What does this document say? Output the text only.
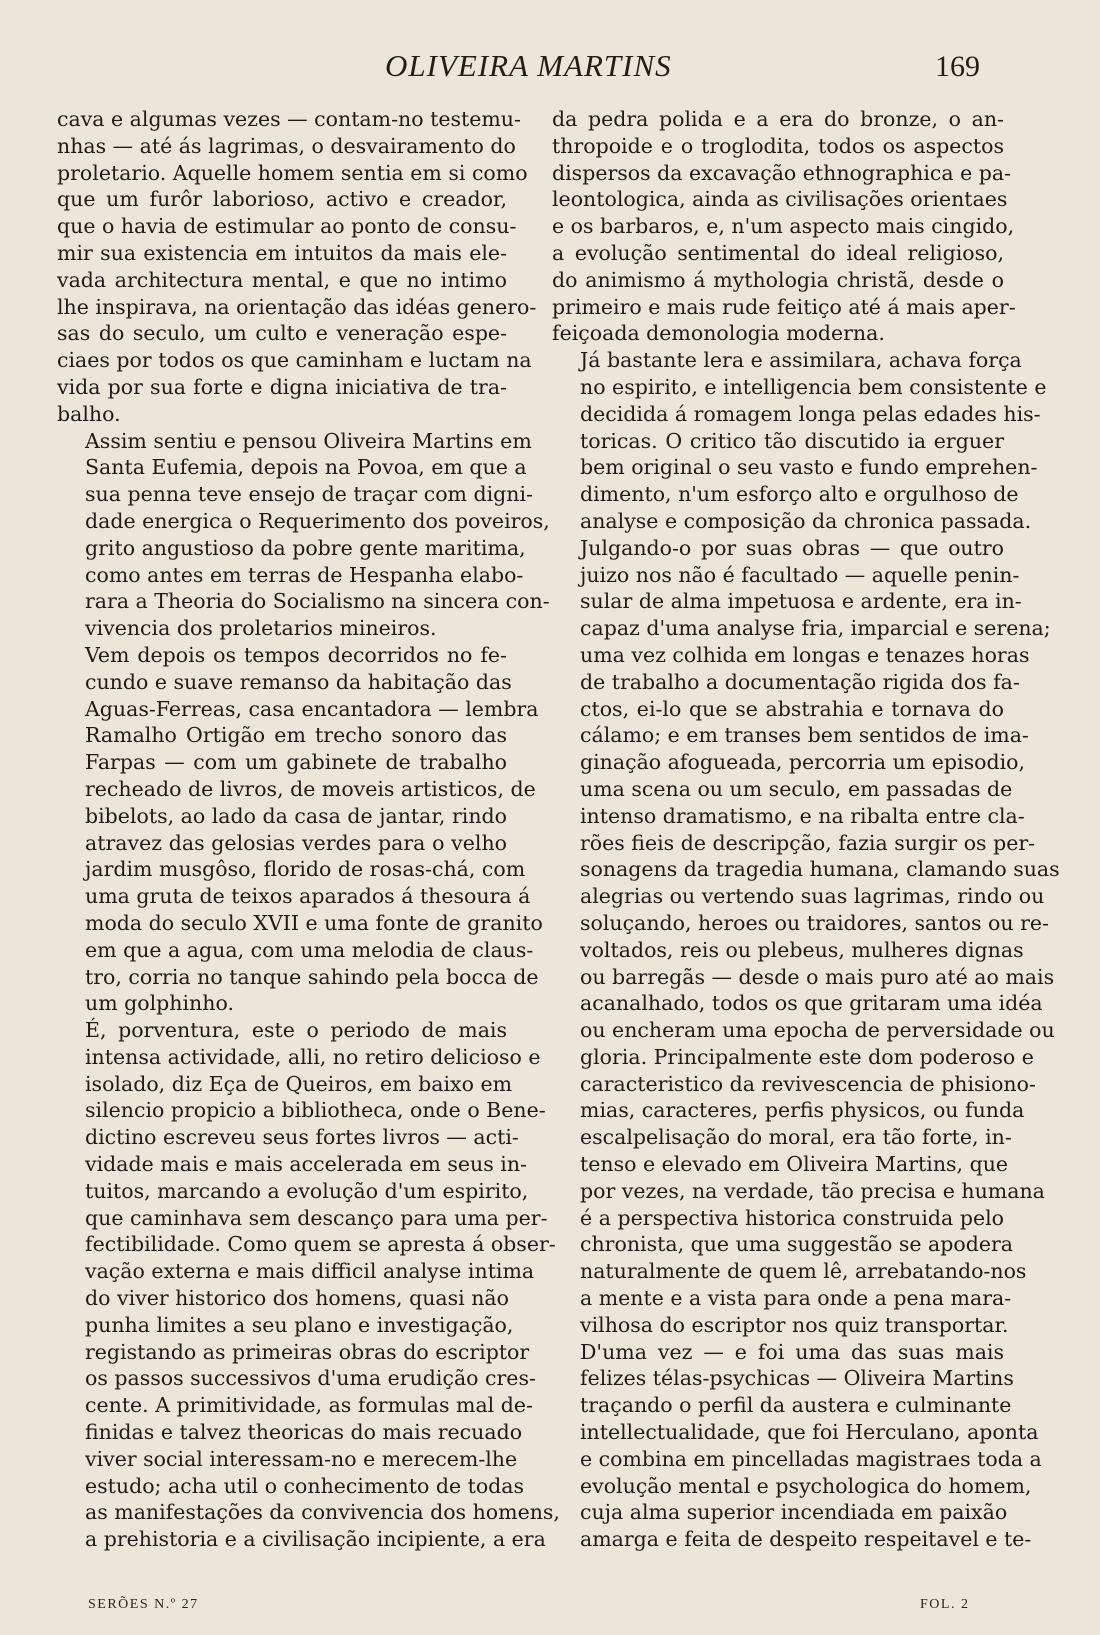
OLIVEIRA MARTINS	169

cava e algumas vezes — contam-no testemu-
nhas — até ás lagrimas, o desvairamento do
proletario. Aquelle homem sentia em si como
que um furôr laborioso, activo e creador,
que o havia de estimular ao ponto de consu-
mir sua existencia em intuitos da mais ele-
vada architectura mental, e que no intimo
lhe inspirava, na orientação das idéas genero-
sas do seculo, um culto e veneração espe-
ciaes por todos os que caminham e luctam na
vida por sua forte e digna iniciativa de tra-
balho.

Assim sentiu e pensou Oliveira Martins em
Santa Eufemia, depois na Povoa, em que a
sua penna teve ensejo de traçar com digni-
dade energica o Requerimento dos poveiros,
grito angustioso da pobre gente maritima,
como antes em terras de Hespanha elabo-
rara a Theoria do Socialismo na sincera con-
vivencia dos proletarios mineiros.

Vem depois os tempos decorridos no fe-
cundo e suave remanso da habitação das
Aguas-Ferreas, casa encantadora — lembra
Ramalho Ortigão em trecho sonoro das
Farpas — com um gabinete de trabalho
recheado de livros, de moveis artisticos, de
bibelots, ao lado da casa de jantar, rindo
atravez das gelosias verdes para o velho
jardim musgôso, florido de rosas-chá, com
uma gruta de teixos aparados á thesoura á
moda do seculo XVII e uma fonte de granito
em que a agua, com uma melodia de claus-
tro, corria no tanque sahindo pela bocca de
um golphinho.

É, porventura, este o periodo de mais
intensa actividade, alli, no retiro delicioso e
isolado, diz Eça de Queiros, em baixo em
silencio propicio a bibliotheca, onde o Bene-
dictino escreveu seus fortes livros — acti-
vidade mais e mais accelerada em seus in-
tuitos, marcando a evolução d'um espirito,
que caminhava sem descanço para uma per-
fectibilidade. Como quem se apresta á obser-
vação externa e mais difficil analyse intima
do viver historico dos homens, quasi não
punha limites a seu plano e investigação,
registando as primeiras obras do escriptor
os passos successivos d'uma erudição cres-
cente. A primitividade, as formulas mal de-
finidas e talvez theoricas do mais recuado
viver social interessam-no e merecem-lhe
estudo; acha util o conhecimento de todas
as manifestações da convivencia dos homens,
a prehistoria e a civilisação incipiente, a era

da pedra polida e a era do bronze, o an-
thropoide e o troglodita, todos os aspectos
dispersos da excavação ethnographica e pa-
leontologica, ainda as civilisações orientaes
e os barbaros, e, n'um aspecto mais cingido,
a evolução sentimental do ideal religioso,
do animismo á mythologia christã, desde o
primeiro e mais rude feitiço até á mais aper-
feiçoada demonologia moderna.

Já bastante lera e assimilara, achava força
no espirito, e intelligencia bem consistente e
decidida á romagem longa pelas edades his-
toricas. O critico tão discutido ia erguer
bem original o seu vasto e fundo emprehen-
dimento, n'um esforço alto e orgulhoso de
analyse e composição da chronica passada.

Julgando-o por suas obras — que outro
juizo nos não é facultado — aquelle penin-
sular de alma impetuosa e ardente, era in-
capaz d'uma analyse fria, imparcial e serena;
uma vez colhida em longas e tenazes horas
de trabalho a documentação rigida dos fa-
ctos, ei-lo que se abstrahia e tornava do
cálamo; e em transes bem sentidos de ima-
ginação afogueada, percorria um episodio,
uma scena ou um seculo, em passadas de
intenso dramatismo, e na ribalta entre cla-
rões fieis de descripção, fazia surgir os per-
sonagens da tragedia humana, clamando suas
alegrias ou vertendo suas lagrimas, rindo ou
soluçando, heroes ou traidores, santos ou re-
voltados, reis ou plebeus, mulheres dignas
ou barregãs — desde o mais puro até ao mais
acanalhado, todos os que gritaram uma idéa
ou encheram uma epocha de perversidade ou
gloria. Principalmente este dom poderoso e
caracteristico da revivescencia de phisiono-
mias, caracteres, perfis physicos, ou funda
escalpelisação do moral, era tão forte, in-
tenso e elevado em Oliveira Martins, que
por vezes, na verdade, tão precisa e humana
é a perspectiva historica construida pelo
chronista, que uma suggestão se apodera
naturalmente de quem lê, arrebatando-nos
a mente e a vista para onde a pena mara-
vilhosa do escriptor nos quiz transportar.

D'uma vez — e foi uma das suas mais
felizes télas-psychicas — Oliveira Martins
traçando o perfil da austera e culminante
intellectualidade, que foi Herculano, aponta
e combina em pincelladas magistraes toda a
evolução mental e psychologica do homem,
cuja alma superior incendiada em paixão
amarga e feita de despeito respeitavel e te-

SERÕES N.º 27	FOL. 2
